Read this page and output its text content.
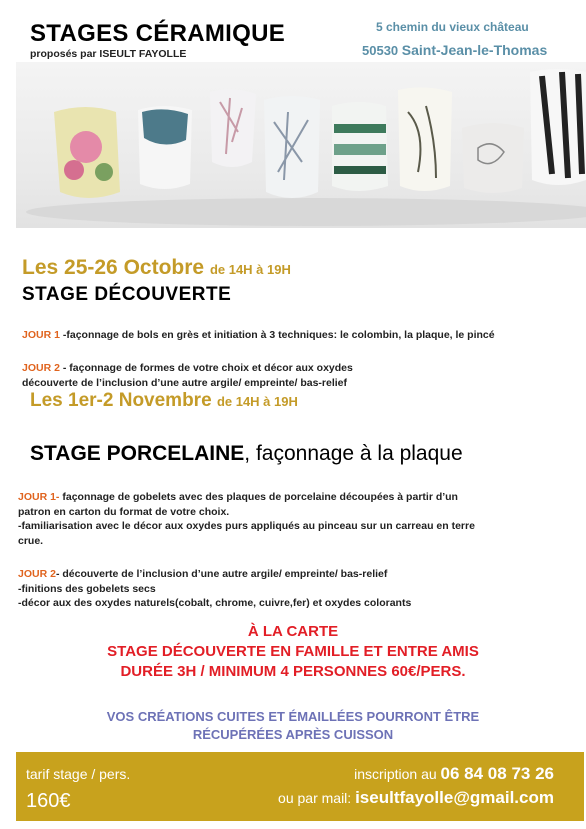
STAGES CÉRAMIQUE
proposés par ISEULT FAYOLLE
5 chemin du vieux château
50530 Saint-Jean-le-Thomas
Les 25-26 Octobre de 14H à 19H
STAGE DÉCOUVERTE
JOUR 1 -façonnage de bols en grès et initiation à 3 techniques: le colombin, la plaque, le pincé
JOUR 2 - façonnage de formes de votre choix et décor aux oxydes
découverte de l’inclusion d’une autre argile/ empreinte/ bas-relief
Les 1er-2 Novembre de 14H à 19H
STAGE PORCELAINE, façonnage à la plaque
JOUR 1- façonnage de gobelets avec des plaques de porcelaine découpées à partir d’un
patron en carton du format de votre choix.
-familiarisation avec le décor aux oxydes purs appliqués au pinceau sur un carreau en terre
crue.
JOUR 2- découverte de l’inclusion d’une autre argile/ empreinte/ bas-relief
-finitions des gobelets secs
-décor aux des oxydes naturels(cobalt, chrome, cuivre,fer) et oxydes colorants
À LA CARTE
STAGE DÉCOUVERTE EN FAMILLE ET ENTRE AMIS
DURÉE 3H / MINIMUM 4 PERSONNES 60€/PERS.
VOS CRÉATIONS CUITES ET ÉMAILLÉES POURRONT ÊTRE
RÉCUPÉRÉES APRÈS CUISSON
tarif stage / pers.
160€
inscription au 06 84 08 73 26
ou par mail: iseultfayolle@gmail.com
